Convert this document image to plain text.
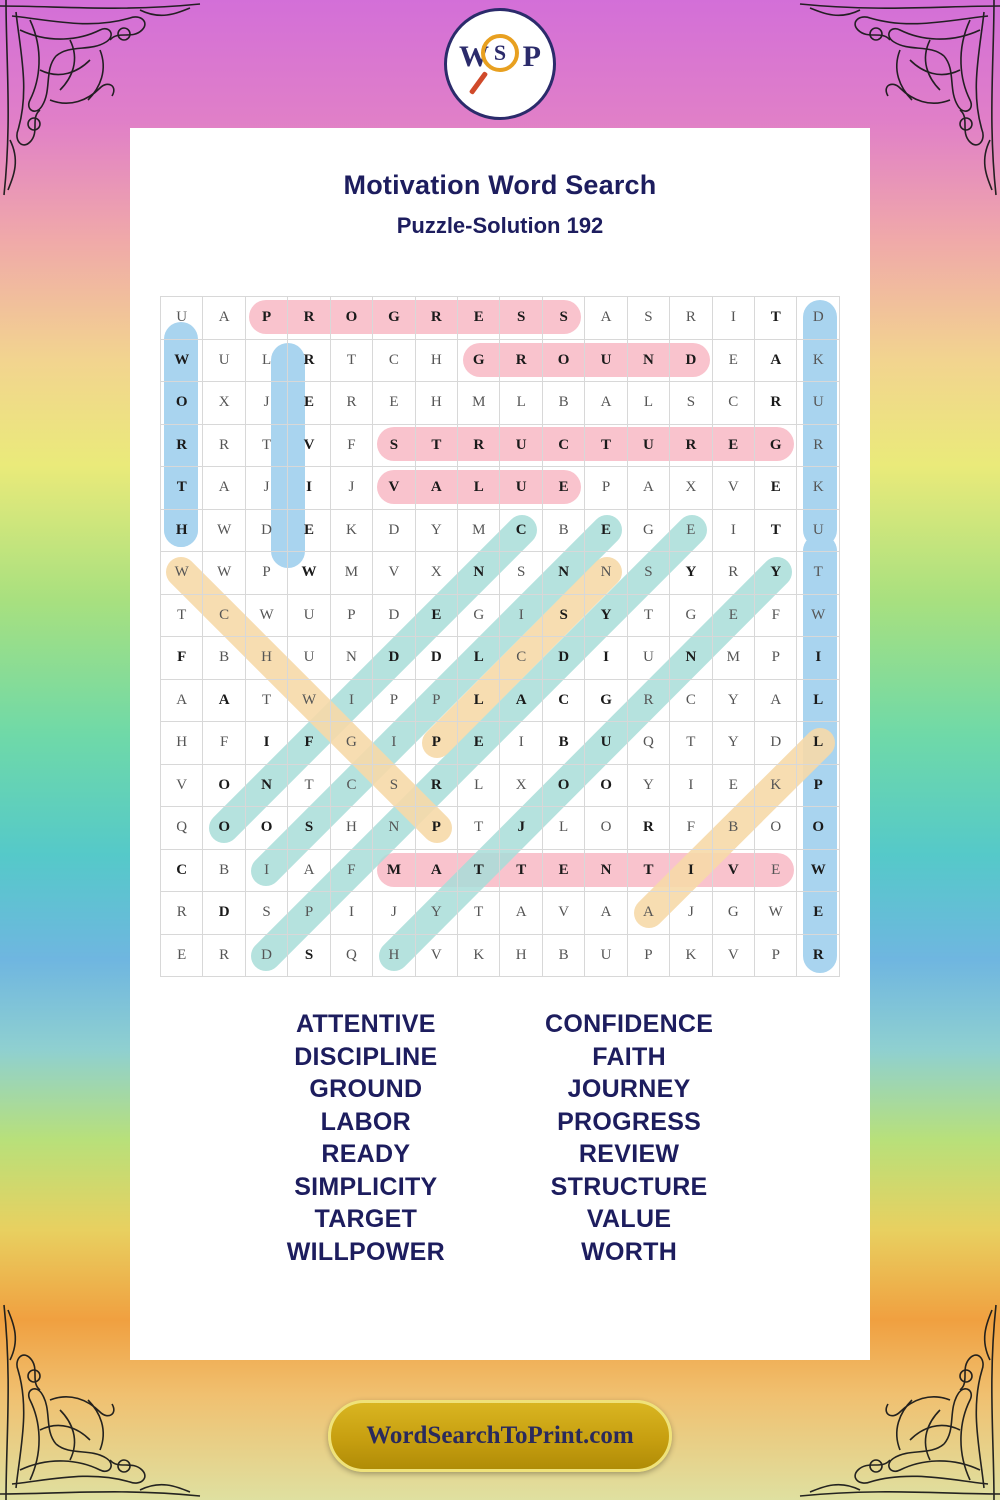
W S P
Motivation Word Search
Puzzle-Solution 192
U	A	P	R	O	G	R	E	S	S	A	S	R	I	T	D
W	U	L	R	T	C	H	G	R	O	U	N	D	E	A	K
O	X	J	E	R	E	H	M	L	B	A	L	S	C	R	U
R	R	T	V	F	S	T	R	U	C	T	U	R	E	G	R
T	A	J	I	J	V	A	L	U	E	P	A	X	V	E	K
H	W	D	E	K	D	Y	M	C	B	E	G	E	I	T	U
W	W	P	W	M	V	X	N	S	N	N	S	Y	R	Y	T
T	C	W	U	P	D	E	G	I	S	Y	T	G	E	F	W
F	B	H	U	N	D	D	L	C	D	I	U	N	M	P	I
A	A	T	W	I	P	P	L	A	C	G	R	C	Y	A	L
H	F	I	F	G	I	P	E	I	B	U	Q	T	Y	D	L
V	O	N	T	C	S	R	L	X	O	O	Y	I	E	K	P
Q	O	O	S	H	N	P	T	J	L	O	R	F	B	O	O
C	B	I	A	F	M	A	T	T	E	N	T	I	V	E	W
R	D	S	P	I	J	Y	T	A	V	A	A	J	G	W	E
E	R	D	S	Q	H	V	K	H	B	U	P	K	V	P	R
ATTENTIVE
DISCIPLINE
GROUND
LABOR
READY
SIMPLICITY
TARGET
WILLPOWER
CONFIDENCE
FAITH
JOURNEY
PROGRESS
REVIEW
STRUCTURE
VALUE
WORTH
WordSearchToPrint.com
